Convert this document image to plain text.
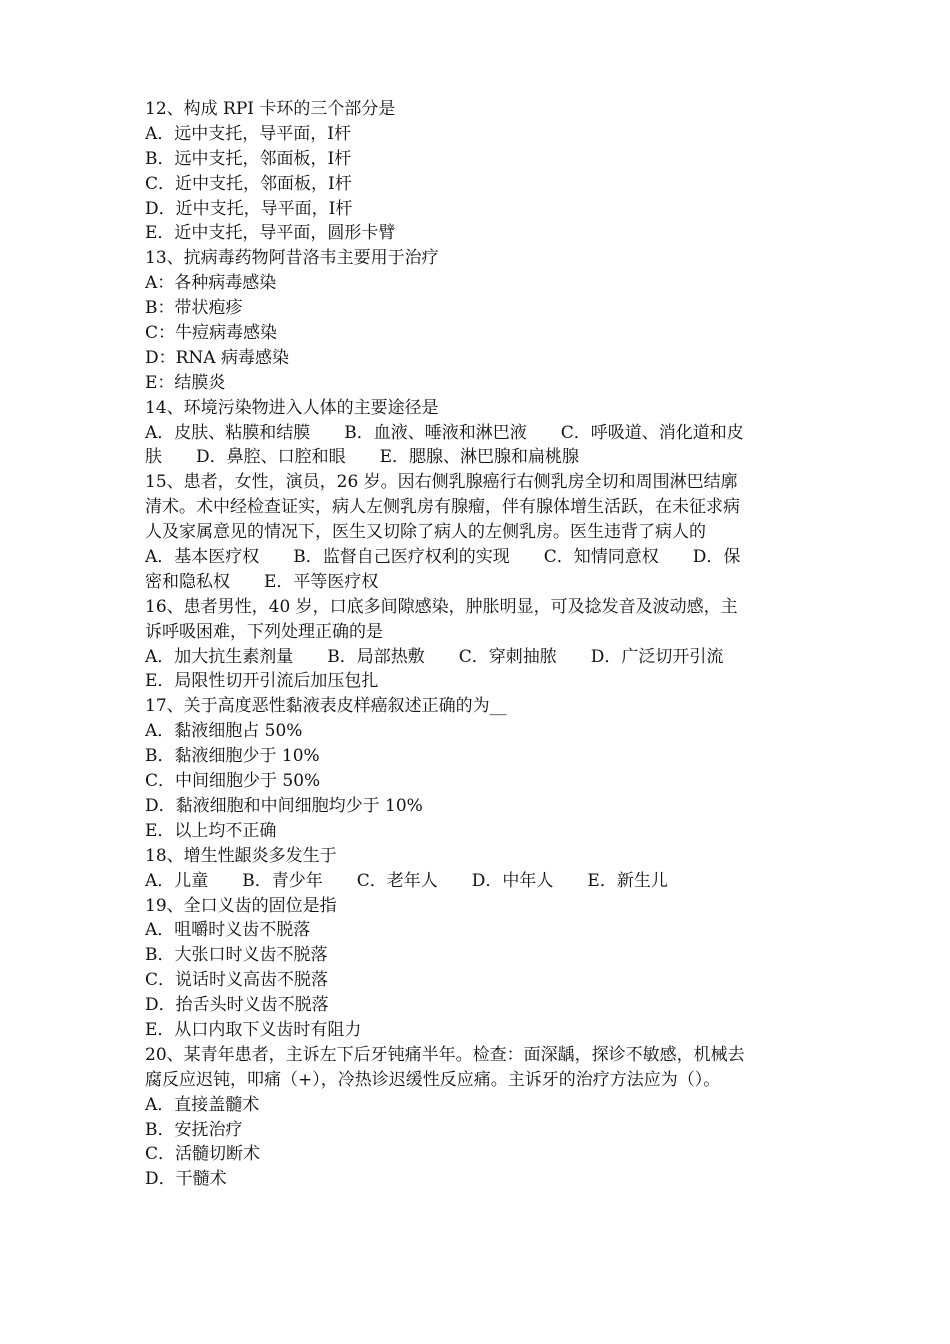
12、构成 RPI 卡环的三个部分是
A．远中支托，导平面，Ⅰ杆
B．远中支托，邻面板，Ⅰ杆
C．近中支托，邻面板，Ⅰ杆
D．近中支托，导平面，Ⅰ杆
E．近中支托，导平面，圆形卡臂
13、抗病毒药物阿昔洛韦主要用于治疗
A：各种病毒感染
B：带状疱疹
C：牛痘病毒感染
D：RNA 病毒感染
E：结膜炎
14、环境污染物进入人体的主要途径是
A．皮肤、粘膜和结膜　　B．血液、唾液和淋巴液　　C．呼吸道、消化道和皮
肤　　D．鼻腔、口腔和眼　　E．腮腺、淋巴腺和扁桃腺
15、患者，女性，演员，26 岁。因右侧乳腺癌行右侧乳房全切和周围淋巴结廓
清术。术中经检查证实，病人左侧乳房有腺瘤，伴有腺体增生活跃，在未征求病
人及家属意见的情况下，医生又切除了病人的左侧乳房。医生违背了病人的
A．基本医疗权　　B．监督自己医疗权利的实现　　C．知情同意权　　D．保
密和隐私权　　E．平等医疗权
16、患者男性，40 岁，口底多间隙感染，肿胀明显，可及捻发音及波动感，主
诉呼吸困难，下列处理正确的是
A．加大抗生素剂量　　B．局部热敷　　C．穿刺抽脓　　D．广泛切开引流
E．局限性切开引流后加压包扎
17、关于高度恶性黏液表皮样癌叙述正确的为__
A．黏液细胞占 50%
B．黏液细胞少于 10%
C．中间细胞少于 50%
D．黏液细胞和中间细胞均少于 10%
E．以上均不正确
18、增生性龈炎多发生于
A．儿童　　B．青少年　　C．老年人　　D．中年人　　E．新生儿
19、全口义齿的固位是指
A．咀嚼时义齿不脱落
B．大张口时义齿不脱落
C．说话时义高齿不脱落
D．抬舌头时义齿不脱落
E．从口内取下义齿时有阻力
20、某青年患者，主诉左下后牙钝痛半年。检查：面深龋，探诊不敏感，机械去
腐反应迟钝，叩痛（+），冷热诊迟缓性反应痛。主诉牙的治疗方法应为（）。
A．直接盖髓术
B．安抚治疗
C．活髓切断术
D．干髓术
